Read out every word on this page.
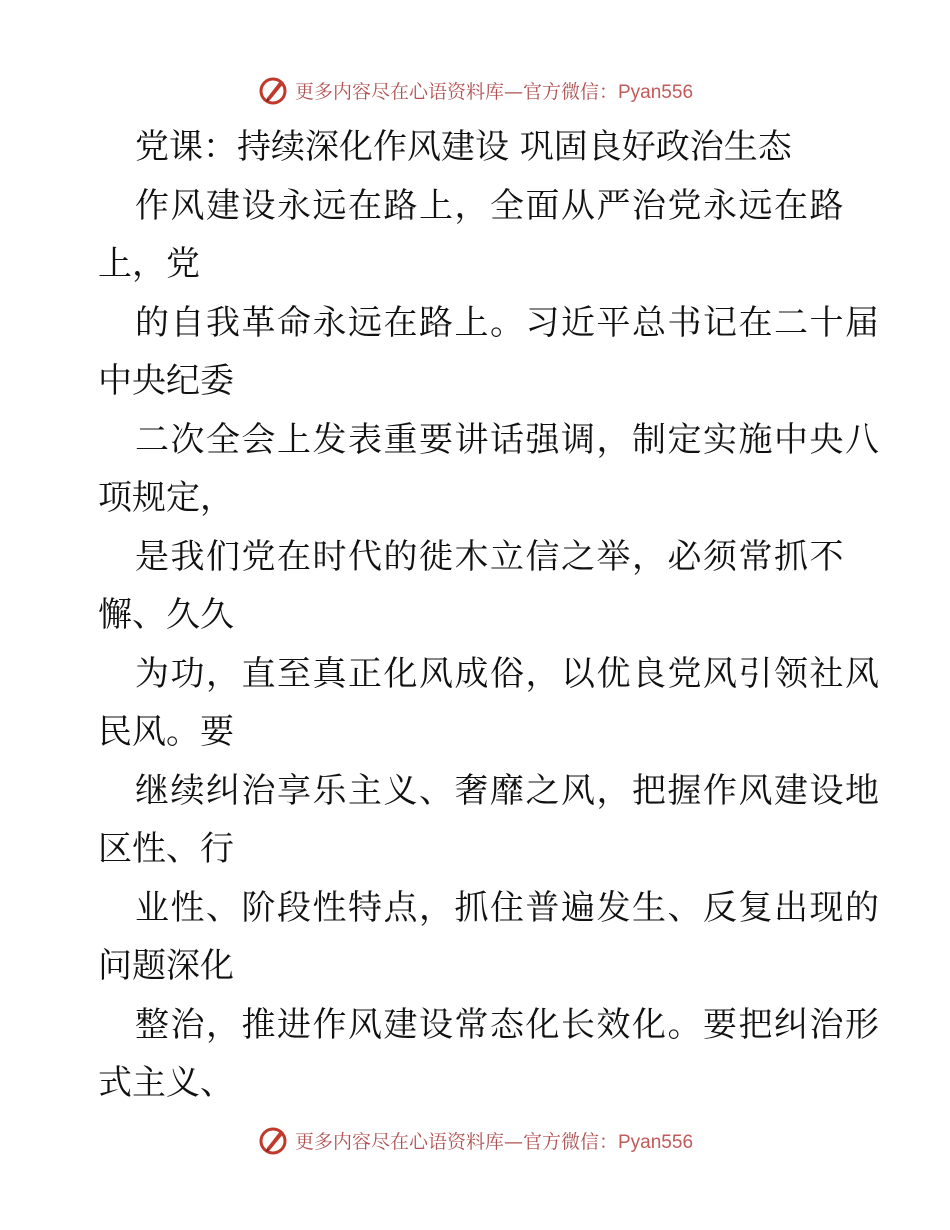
更多内容尽在心语资料库—官方微信：Pyan556
党课：持续深化作风建设 巩固良好政治生态
作风建设永远在路上，全面从严治党永远在路
上，党
的自我革命永远在路上。习近平总书记在二十届
中央纪委
二次全会上发表重要讲话强调，制定实施中央八
项规定，
是我们党在时代的徙木立信之举，必须常抓不
懈、久久
为功，直至真正化风成俗，以优良党风引领社风
民风。要
继续纠治享乐主义、奢靡之风，把握作风建设地
区性、行
业性、阶段性特点，抓住普遍发生、反复出现的
问题深化
整治，推进作风建设常态化长效化。要把纠治形
式主义、
更多内容尽在心语资料库—官方微信：Pyan556
